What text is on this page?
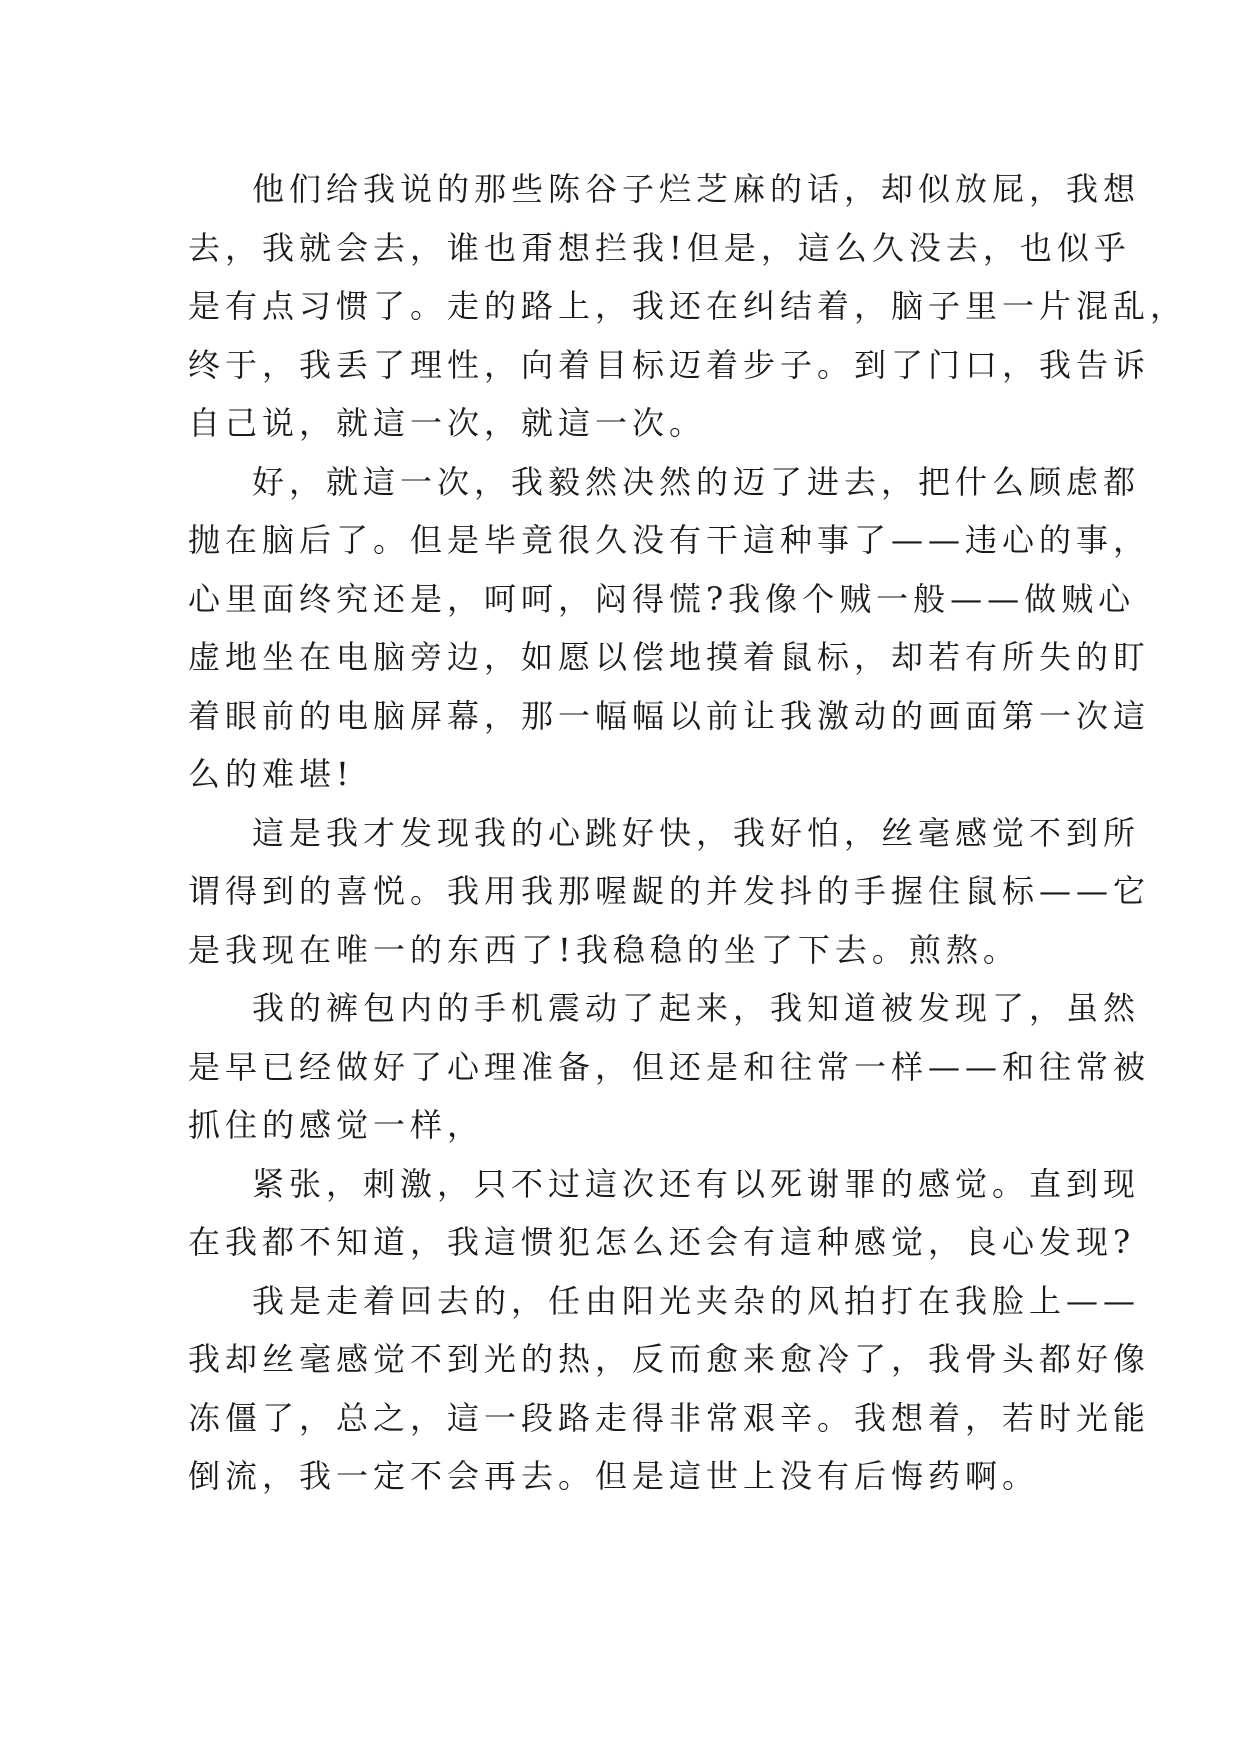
他们给我说的那些陈谷子烂芝麻的话，却似放屁，我想
去，我就会去，谁也甭想拦我!但是，這么久没去，也似乎
是有点习惯了。走的路上，我还在纠结着，脑子里一片混乱，
终于，我丢了理性，向着目标迈着步子。到了门口，我告诉
自己说，就這一次，就這一次。
好，就這一次，我毅然决然的迈了进去，把什么顾虑都
抛在脑后了。但是毕竟很久没有干這种事了——违心的事，
心里面终究还是，呵呵，闷得慌?我像个贼一般——做贼心
虚地坐在电脑旁边，如愿以偿地摸着鼠标，却若有所失的盯
着眼前的电脑屏幕，那一幅幅以前让我激动的画面第一次這
么的难堪!
這是我才发现我的心跳好快，我好怕，丝毫感觉不到所
谓得到的喜悦。我用我那喔龊的并发抖的手握住鼠标——它
是我现在唯一的东西了!我稳稳的坐了下去。煎熬。
我的裤包内的手机震动了起来，我知道被发现了，虽然
是早已经做好了心理准备，但还是和往常一样——和往常被
抓住的感觉一样，
紧张，刺激，只不过這次还有以死谢罪的感觉。直到现
在我都不知道，我這惯犯怎么还会有這种感觉，良心发现?
我是走着回去的，任由阳光夹杂的风拍打在我脸上——
我却丝毫感觉不到光的热，反而愈来愈冷了，我骨头都好像
冻僵了，总之，這一段路走得非常艰辛。我想着，若时光能
倒流，我一定不会再去。但是這世上没有后悔药啊。
